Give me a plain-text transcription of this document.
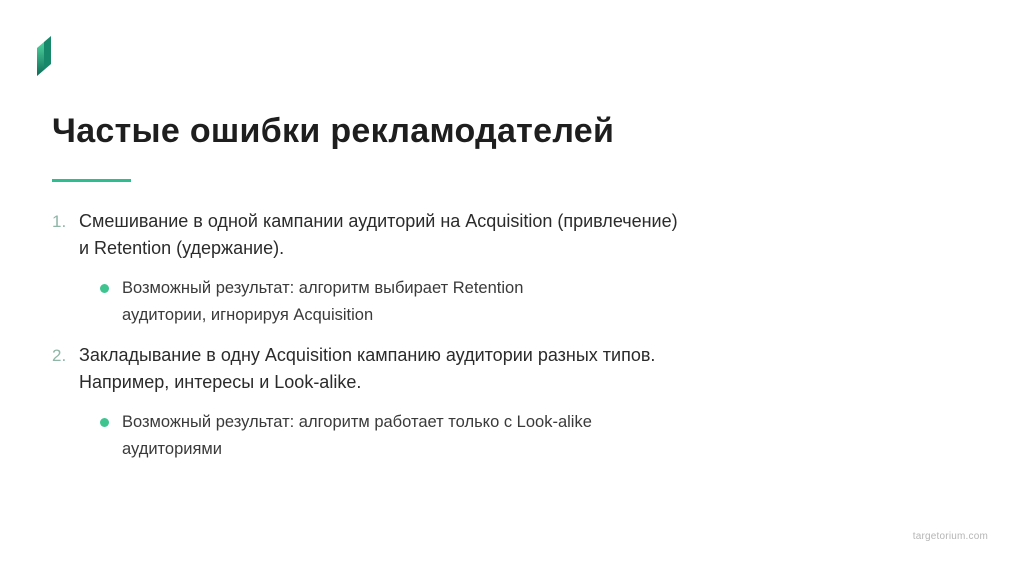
Частые ошибки рекламодателей
1. Смешивание в одной кампании аудиторий на Acquisition (привлечение)
и Retention (удержание).
Возможный результат: алгоритм выбирает Retention
аудитории, игнорируя Acquisition
2. Закладывание в одну Acquisition кампанию аудитории разных типов.
Например, интересы и Look-alike.
Возможный результат: алгоритм работает только с Look-alike
аудиториями
targetorium.com
